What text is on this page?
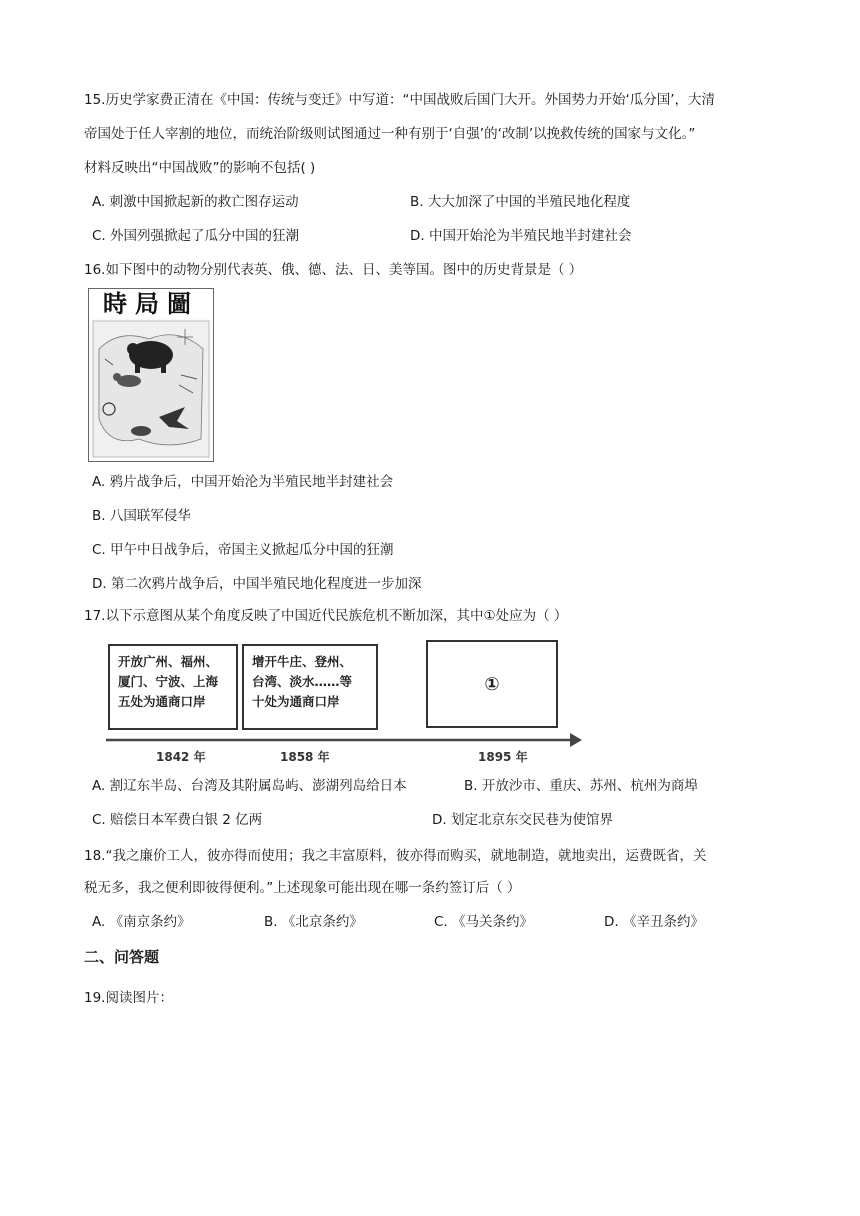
15.历史学家费正清在《中国：传统与变迁》中写道：“中国战败后国门大开。外国势力开始‘瓜分国’，大清
帝国处于任人宰割的地位，而统治阶级则试图通过一种有别于‘自强’的‘改制’以挽救传统的国家与文化。”
材料反映出“中国战败”的影响不包括( )
A. 刺激中国掀起新的救亡图存运动	B. 大大加深了中国的半殖民地化程度
C. 外国列强掀起了瓜分中国的狂潮	D. 中国开始沦为半殖民地半封建社会
16.如下图中的动物分别代表英、俄、德、法、日、美等国。图中的历史背景是（ ）
時局圖
A. 鸦片战争后，中国开始沦为半殖民地半封建社会
B. 八国联军侵华
C. 甲午中日战争后，帝国主义掀起瓜分中国的狂潮
D. 第二次鸦片战争后，中国半殖民地化程度进一步加深
17.以下示意图从某个角度反映了中国近代民族危机不断加深，其中①处应为（ ）
开放广州、福州、
厦门、宁波、上海
五处为通商口岸
增开牛庄、登州、
台湾、淡水……等
十处为通商口岸
①
1842 年	1858 年	1895 年
A. 割辽东半岛、台湾及其附属岛屿、澎湖列岛给日本	B. 开放沙市、重庆、苏州、杭州为商埠
C. 赔偿日本军费白银 2 亿两	D. 划定北京东交民巷为使馆界
18.“我之廉价工人，彼亦得而使用；我之丰富原料，彼亦得而购买，就地制造，就地卖出，运费既省，关
税无多，我之便利即彼得便利。”上述现象可能出现在哪一条约签订后（ ）
A. 《南京条约》	B. 《北京条约》	C. 《马关条约》	D. 《辛丑条约》
二、问答题
19.阅读图片：
